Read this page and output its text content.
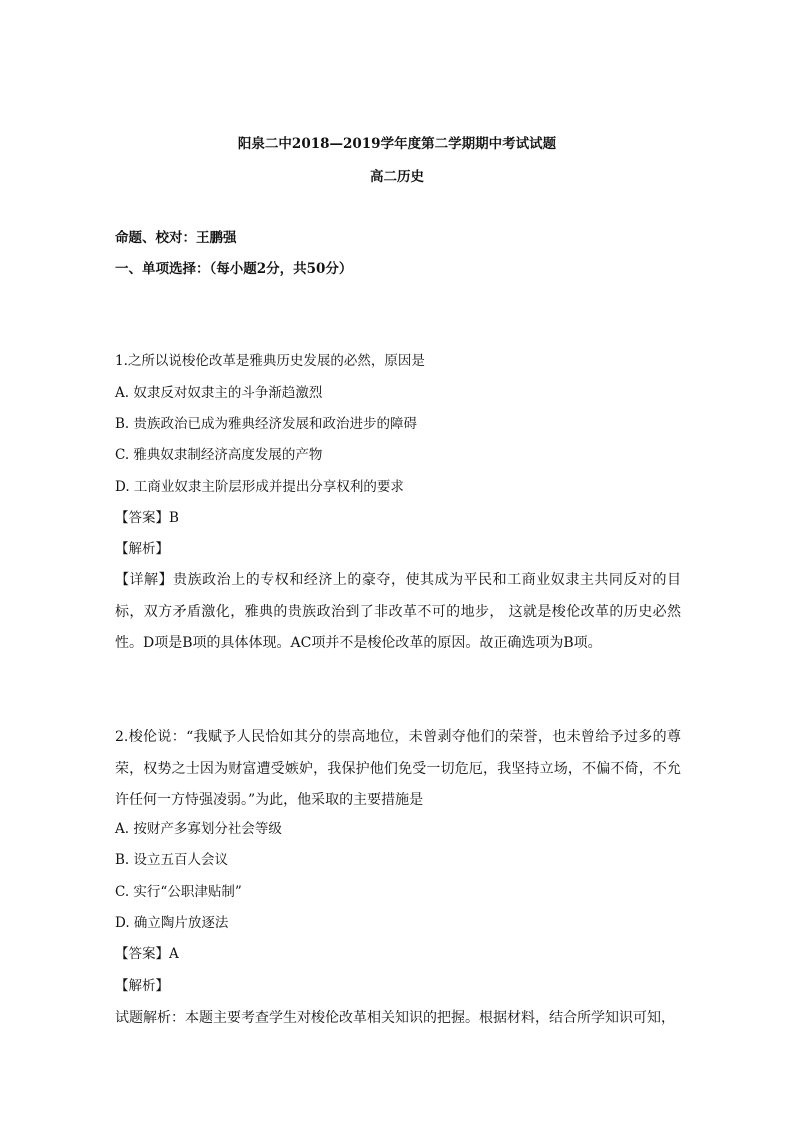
阳泉二中2018—2019学年度第二学期期中考试试题
高二历史
命题、校对：王鹏强
一、单项选择：（每小题2分，共50分）
1.之所以说梭伦改革是雅典历史发展的必然，原因是
A. 奴隶反对奴隶主的斗争渐趋激烈
B. 贵族政治已成为雅典经济发展和政治进步的障碍
C. 雅典奴隶制经济高度发展的产物
D. 工商业奴隶主阶层形成并提出分享权利的要求
【答案】B
【解析】
【详解】贵族政治上的专权和经济上的豪夺，使其成为平民和工商业奴隶主共同反对的目标，双方矛盾激化，雅典的贵族政治到了非改革不可的地步， 这就是梭伦改革的历史必然性。D项是B项的具体体现。AC项并不是梭伦改革的原因。故正确选项为B项。
2.梭伦说：“我赋予人民恰如其分的崇高地位，未曾剥夺他们的荣誉，也未曾给予过多的尊荣，权势之士因为财富遭受嫉妒，我保护他们免受一切危厄，我坚持立场，不偏不倚，不允许任何一方恃强凌弱。”为此，他采取的主要措施是
A. 按财产多寡划分社会等级
B. 设立五百人会议
C. 实行“公职津贴制”
D. 确立陶片放逐法
【答案】A
【解析】
试题解析：本题主要考查学生对梭伦改革相关知识的把握。根据材料，结合所学知识可知，
